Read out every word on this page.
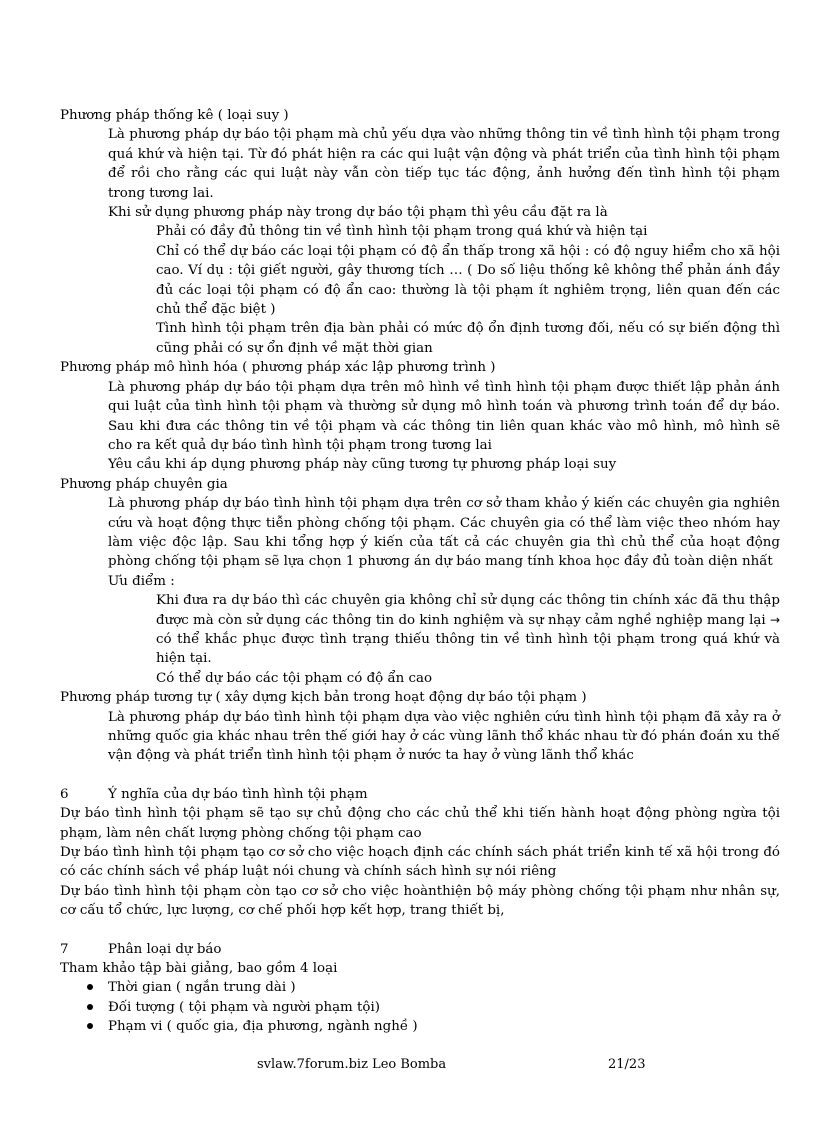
Phương pháp thống kê ( loại suy )

Là phương pháp dự báo tội phạm mà chủ yếu dựa vào những thông tin về tình hình tội phạm trong quá khứ và hiện tại. Từ đó phát hiện ra các qui luật vận động và phát triển của tình hình tội phạm để rồi cho rằng các qui luật này vẫn còn tiếp tục tác động, ảnh hưởng đến tình hình tội phạm trong tương lai.

Khi sử dụng phương pháp này trong dự báo tội phạm thì yêu cầu đặt ra là

Phải có đầy đủ thông tin về tình hình tội phạm trong quá khứ và hiện tại

Chỉ có thể dự báo các loại tội phạm có độ ẩn thấp trong xã hội : có độ nguy hiểm cho xã hội cao. Ví dụ : tội giết người, gây thương tích … ( Do số liệu thống kê không thể phản ánh đầy đủ các loại tội phạm có độ ẩn cao: thường là tội phạm ít nghiêm trọng, liên quan đến các chủ thể đặc biệt )

Tình hình tội phạm trên địa bàn phải có mức độ ổn định tương đối, nếu có sự biến động thì cũng phải có sự ổn định về mặt thời gian

Phương pháp mô hình hóa ( phương pháp xác lập phương trình )

Là phương pháp dự báo tội phạm dựa trên mô hình về tình hình tội phạm được thiết lập phản ánh qui luật của tình hình tội phạm và thường sử dụng mô hình toán và phương trình toán để dự báo. Sau khi đưa các thông tin về tội phạm và các thông tin liên quan khác vào mô hình, mô hình sẽ cho ra kết quả dự báo tình hình tội phạm trong tương lai

Yêu cầu khi áp dụng phương pháp này cũng tương tự phương pháp loại suy

Phương pháp chuyên gia

Là phương pháp dự báo tình hình tội phạm dựa trên cơ sở tham khảo ý kiến các chuyên gia nghiên cứu và hoạt động thực tiễn phòng chống tội phạm. Các chuyên gia có thể làm việc theo nhóm hay làm việc độc lập. Sau khi tổng hợp ý kiến của tất cả các chuyên gia thì chủ thể của hoạt động phòng chống tội phạm sẽ lựa chọn 1 phương án dự báo mang tính khoa học đầy đủ toàn diện nhất

Ưu điểm :

Khi đưa ra dự báo thì các chuyên gia không chỉ sử dụng các thông tin chính xác đã thu thập được mà còn sử dụng các thông tin do kinh nghiệm và sự nhạy cảm nghề nghiệp mang lại → có thể khắc phục được tình trạng thiếu thông tin về tình hình tội phạm trong quá khứ và hiện tại.

Có thể dự báo các tội phạm có độ ẩn cao

Phương pháp tương tự ( xây dựng kịch bản trong hoạt động dự báo tội phạm )

Là phương pháp dự báo tình hình tội phạm dựa vào việc nghiên cứu tình hình tội phạm đã xảy ra ở những quốc gia khác nhau trên thế giới hay ở các vùng lãnh thổ khác nhau từ đó phán đoán xu thế vận động và phát triển tình hình tội phạm ở nước ta hay ở vùng lãnh thổ khác

6	Ý nghĩa của dự báo tình hình tội phạm

Dự báo tình hình tội phạm sẽ tạo sự chủ động cho các chủ thể khi tiến hành hoạt động phòng ngừa tội phạm, làm nên chất lượng phòng chống tội phạm cao

Dự báo tình hình tội phạm tạo cơ sở cho việc hoạch định các chính sách phát triển kinh tế xã hội trong đó có các chính sách về pháp luật nói chung và chính sách hình sự nói riêng

Dự báo tình hình tội phạm còn tạo cơ sở cho việc hoànthiện bộ máy phòng chống tội phạm như nhân sự, cơ cấu tổ chức, lực lượng, cơ chế phối hợp kết hợp, trang thiết bị,

7	Phân loại dự báo

Tham khảo tập bài giảng, bao gồm 4 loại

Thời gian ( ngắn trung dài )
Đối tượng ( tội phạm và người phạm tội)
Phạm vi ( quốc gia, địa phương, ngành nghề )
svlaw.7forum.biz Leo Bomba	21/23
